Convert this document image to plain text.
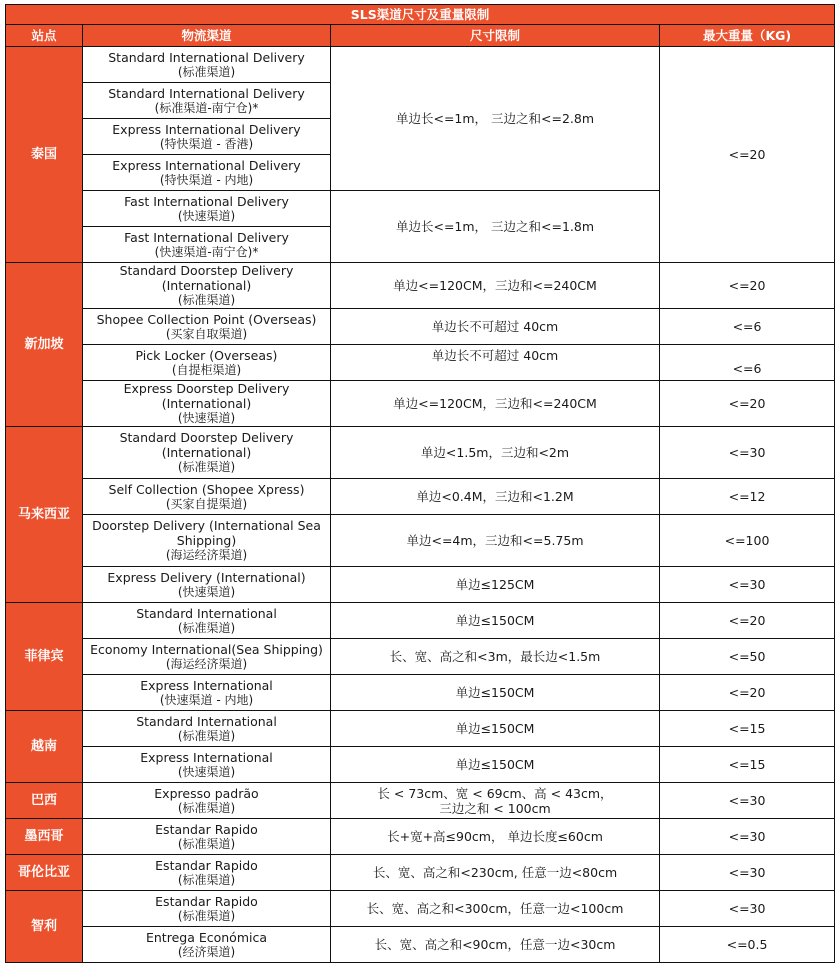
SLS渠道尺寸及重量限制			
站点	物流渠道	尺寸限制	最大重量（KG)
泰国	Standard International Delivery
(标准渠道)	单边长<=1m， 三边之和<=2.8m	<=20

	Standard International Delivery
(标准渠道-南宁仓)*		

	Express International Delivery
(特快渠道 - 香港)		

	Express International Delivery
(特快渠道 - 内地)		

	Fast International Delivery
(快速渠道)	单边长<=1m， 三边之和<=1.8m	

	Fast International Delivery
(快速渠道-南宁仓)*		

新加坡	Standard Doorstep Delivery (International)
(标准渠道)	单边<=120CM，三边和<=240CM	<=20

	Shopee Collection Point (Overseas)
(买家自取渠道)	单边长不可超过 40cm	<=6

	Pick Locker (Overseas)
(自提柜渠道)	单边长不可超过 40cm	<=6

	Express Doorstep Delivery (International)
(快速渠道)	单边<=120CM，三边和<=240CM	<=20
马来西亚	Standard Doorstep Delivery
(International)
(标准渠道)	单边<1.5m，三边和<2m	<=30

	Self Collection (Shopee Xpress)
(买家自提渠道)	单边<0.4M，三边和<1.2M	<=12

	Doorstep Delivery (International Sea
Shipping)
(海运经济渠道)	单边<=4m，三边和<=5.75m	<=100

	Express Delivery (International)
(快速渠道)	单边≤125CM	<=30
菲律宾	Standard International
(标准渠道)	单边≤150CM	<=20

	Economy International(Sea Shipping)
(海运经济渠道)	长、宽、高之和<3m，最长边<1.5m	<=50

	Express International
(快速渠道 - 内地)	单边≤150CM	<=20
越南	Standard International
(标准渠道)	单边≤150CM	<=15

	Express International
(快速渠道)	单边≤150CM	<=15
巴西	Expresso padrão
(标准渠道)	长 < 73cm、宽 < 69cm、高 < 43cm，
三边之和 < 100cm	<=30
墨西哥	Estandar Rapido
(标准渠道)	长+宽+高≤90cm， 单边长度≤60cm	<=30
哥伦比亚	Estandar Rapido
(标准渠道)	长、宽、高之和<230cm, 任意一边<80cm	<=30
智利	Estandar Rapido
(标准渠道)	长、宽、高之和<300cm，任意一边<100cm	<=30

	Entrega Económica
(经济渠道)	长、宽、高之和<90cm，任意一边<30cm	<=0.5
